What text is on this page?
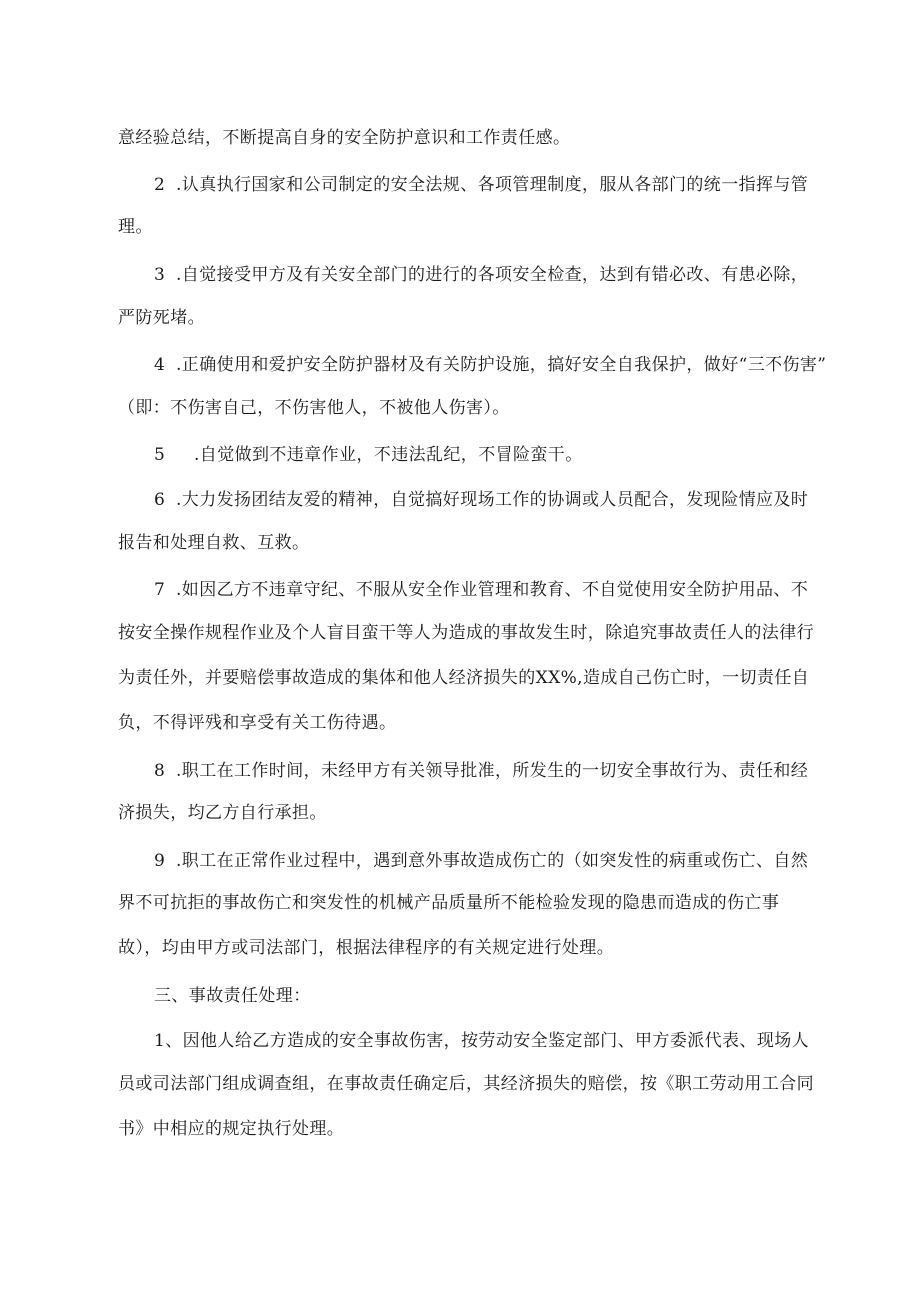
意经验总结，不断提高自身的安全防护意识和工作责任感。
2 .认真执行国家和公司制定的安全法规、各项管理制度，服从各部门的统一指挥与管
理。
3 .自觉接受甲方及有关安全部门的进行的各项安全检查，达到有错必改、有患必除，
严防死堵。
4 .正确使用和爱护安全防护器材及有关防护设施，搞好安全自我保护，做好“三不伤害”
（即：不伤害自己，不伤害他人，不被他人伤害）。
5 .自觉做到不违章作业，不违法乱纪，不冒险蛮干。
6 .大力发扬团结友爱的精神，自觉搞好现场工作的协调或人员配合，发现险情应及时
报告和处理自救、互救。
7 .如因乙方不违章守纪、不服从安全作业管理和教育、不自觉使用安全防护用品、不
按安全操作规程作业及个人盲目蛮干等人为造成的事故发生时，除追究事故责任人的法律行
为责任外，并要赔偿事故造成的集体和他人经济损失的XX%,造成自己伤亡时，一切责任自
负，不得评残和享受有关工伤待遇。
8 .职工在工作时间，未经甲方有关领导批准，所发生的一切安全事故行为、责任和经
济损失，均乙方自行承担。
9 .职工在正常作业过程中，遇到意外事故造成伤亡的（如突发性的病重或伤亡、自然
界不可抗拒的事故伤亡和突发性的机械产品质量所不能检验发现的隐患而造成的伤亡事
故），均由甲方或司法部门，根据法律程序的有关规定进行处理。
三、事故责任处理：
1、因他人给乙方造成的安全事故伤害，按劳动安全鉴定部门、甲方委派代表、现场人
员或司法部门组成调查组，在事故责任确定后，其经济损失的赔偿，按《职工劳动用工合同
书》中相应的规定执行处理。
